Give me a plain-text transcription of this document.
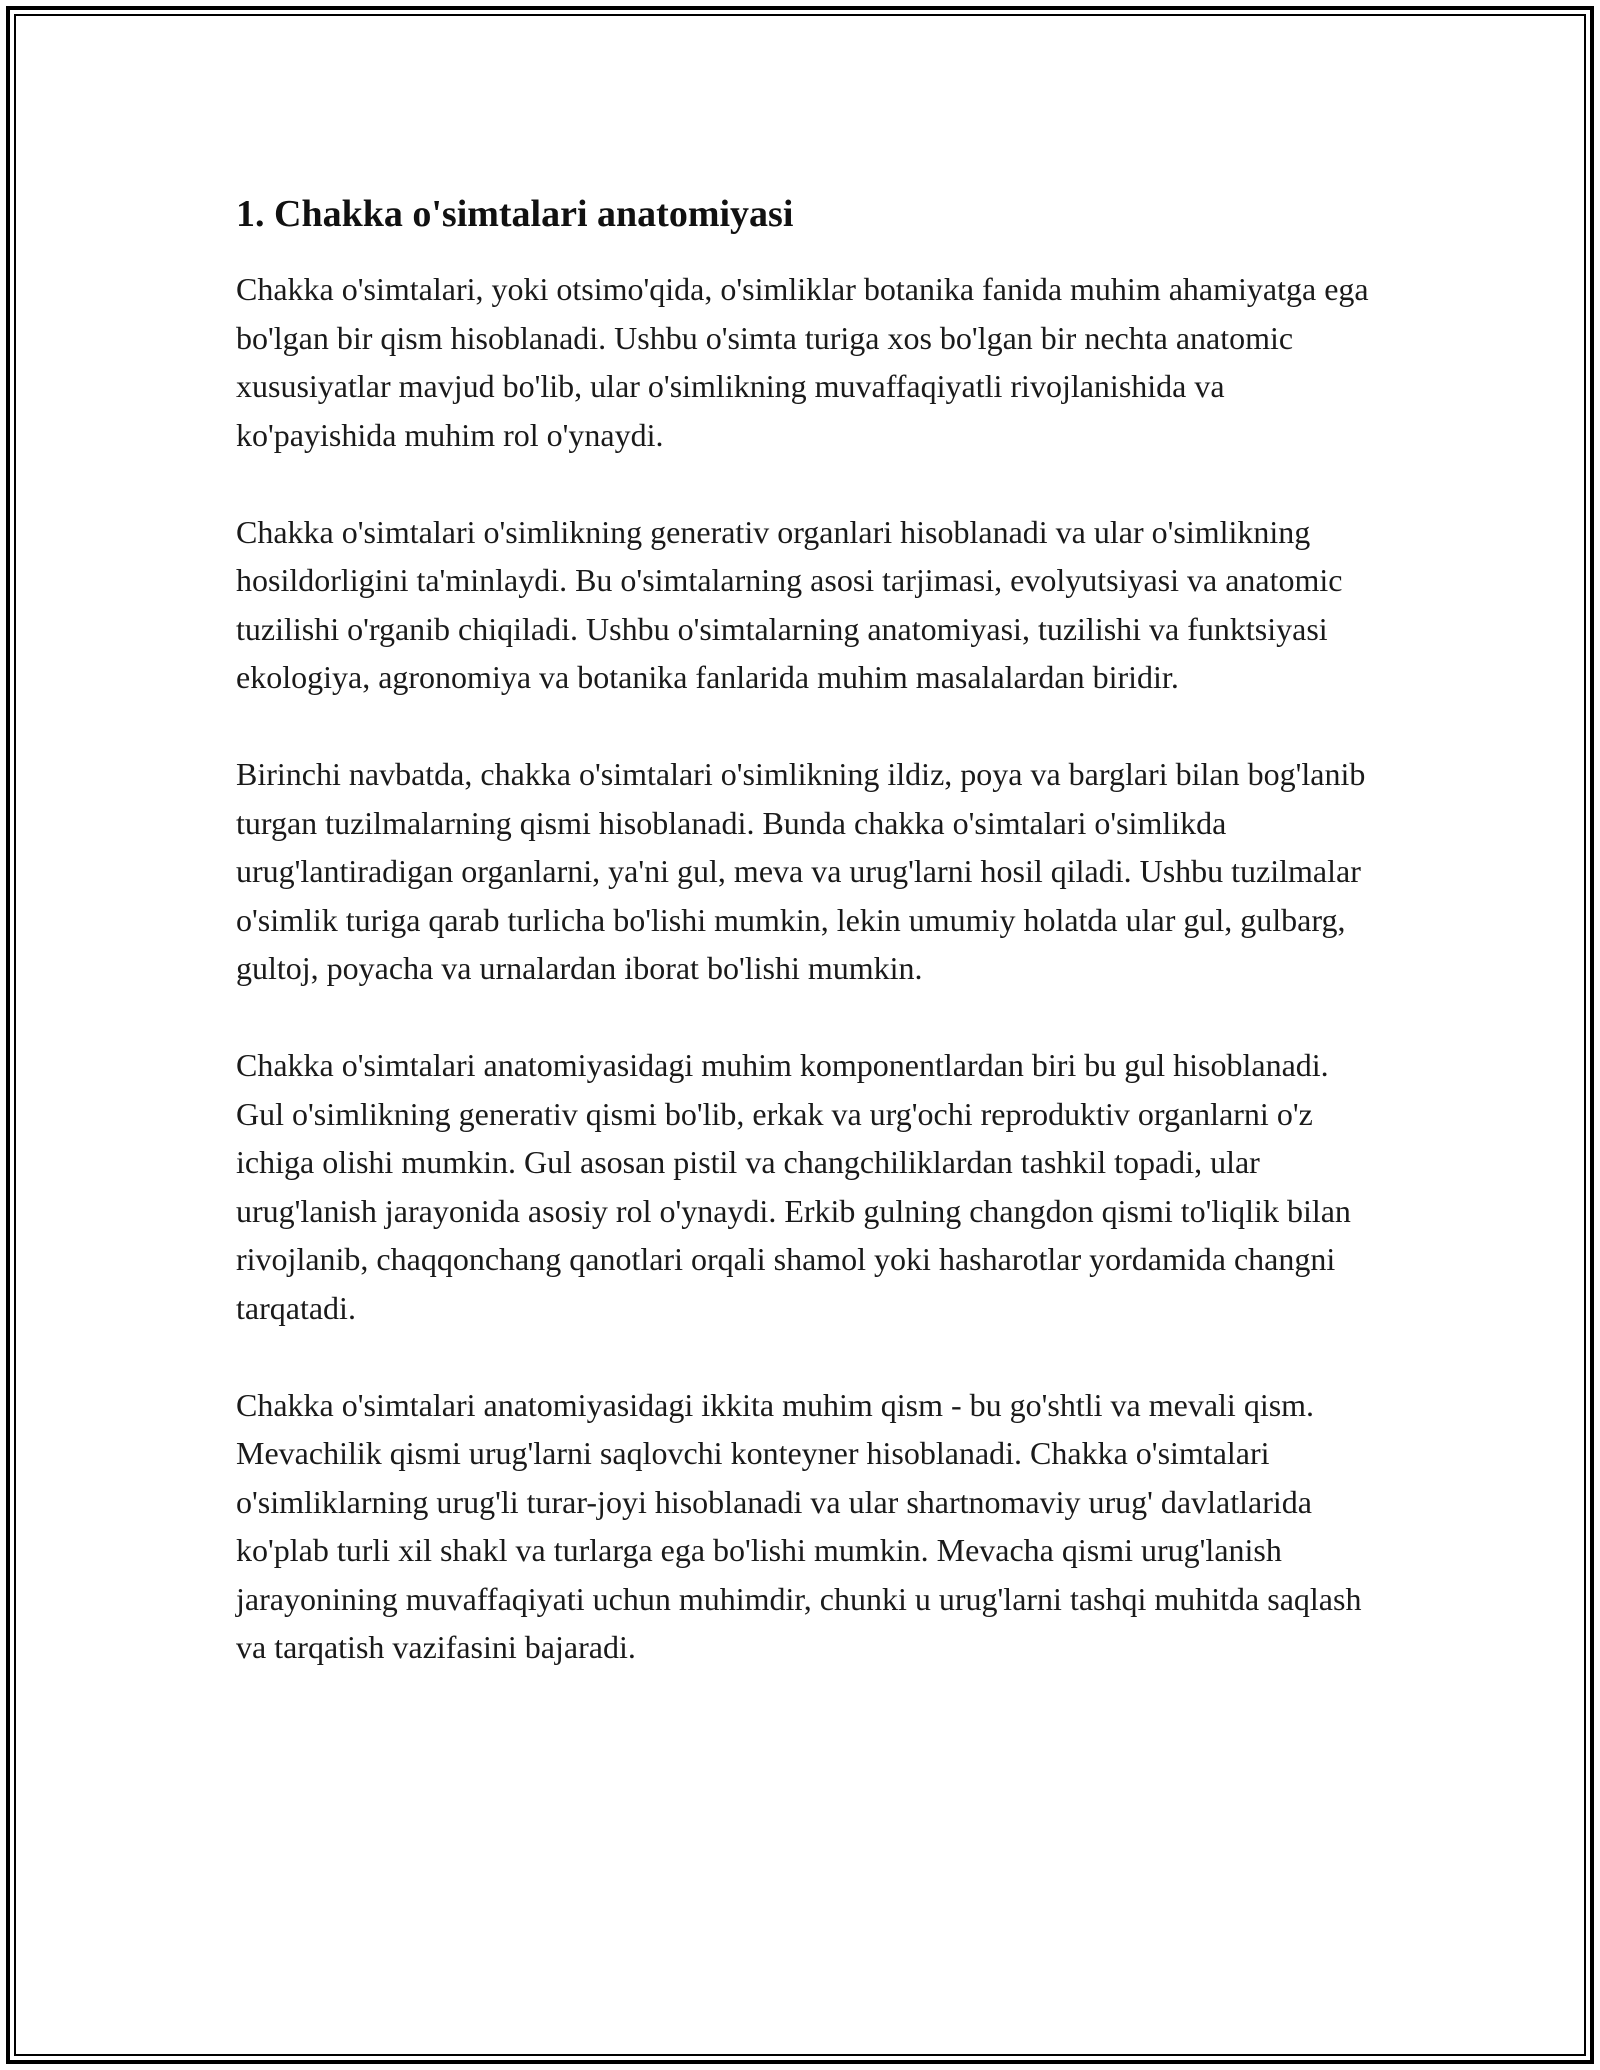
1. Chakka o'simtalari anatomiyasi

Chakka o'simtalari, yoki otsimo'qida, o'simliklar botanika fanida muhim ahamiyatga ega bo'lgan bir qism hisoblanadi. Ushbu o'simta turiga xos bo'lgan bir nechta anatomic xususiyatlar mavjud bo'lib, ular o'simlikning muvaffaqiyatli rivojlanishida va ko'payishida muhim rol o'ynaydi.

Chakka o'simtalari o'simlikning generativ organlari hisoblanadi va ular o'simlikning hosildorligini ta'minlaydi. Bu o'simtalarning asosi tarjimasi, evolyutsiyasi va anatomic tuzilishi o'rganib chiqiladi. Ushbu o'simtalarning anatomiyasi, tuzilishi va funktsiyasi ekologiya, agronomiya va botanika fanlarida muhim masalalardan biridir.

Birinchi navbatda, chakka o'simtalari o'simlikning ildiz, poya va barglari bilan bog'lanib turgan tuzilmalarning qismi hisoblanadi. Bunda chakka o'simtalari o'simlikda urug'lantiradigan organlarni, ya'ni gul, meva va urug'larni hosil qiladi. Ushbu tuzilmalar o'simlik turiga qarab turlicha bo'lishi mumkin, lekin umumiy holatda ular gul, gulbarg, gultoj, poyacha va urnalardan iborat bo'lishi mumkin.

Chakka o'simtalari anatomiyasidagi muhim komponentlardan biri bu gul hisoblanadi. Gul o'simlikning generativ qismi bo'lib, erkak va urg'ochi reproduktiv organlarni o'z ichiga olishi mumkin. Gul asosan pistil va changchiliklardan tashkil topadi, ular urug'lanish jarayonida asosiy rol o'ynaydi. Erkib gulning changdon qismi to'liqlik bilan rivojlanib, chaqqonchang qanotlari orqali shamol yoki hasharotlar yordamida changni tarqatadi.

Chakka o'simtalari anatomiyasidagi ikkita muhim qism - bu go'shtli va mevali qism. Mevachilik qismi urug'larni saqlovchi konteyner hisoblanadi. Chakka o'simtalari o'simliklarning urug'li turar-joyi hisoblanadi va ular shartnomaviy urug' davlatlarida ko'plab turli xil shakl va turlarga ega bo'lishi mumkin. Mevacha qismi urug'lanish jarayonining muvaffaqiyati uchun muhimdir, chunki u urug'larni tashqi muhitda saqlash va tarqatish vazifasini bajaradi.
